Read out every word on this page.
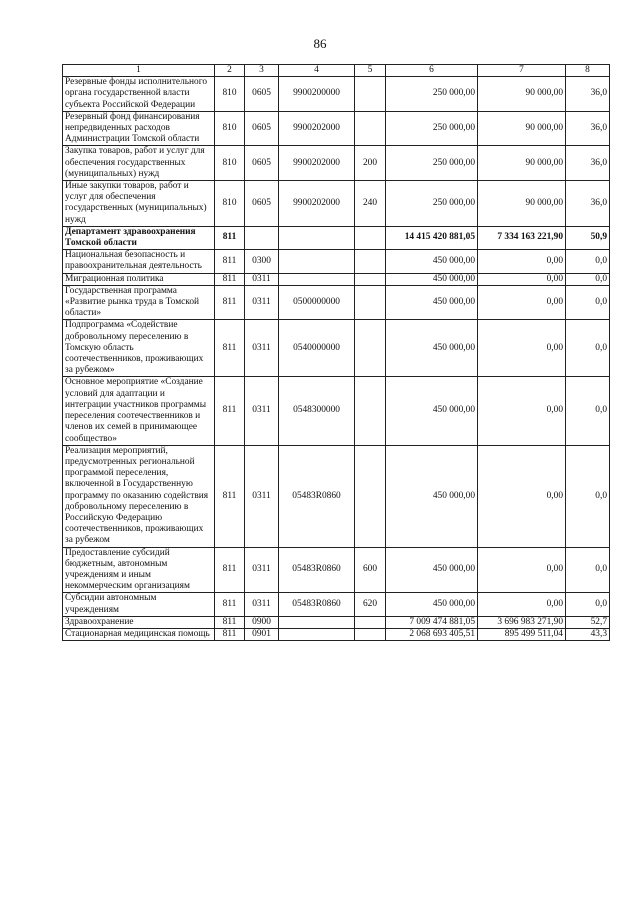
86
1	2	3	4	5	6	7	8
Резервные фонды исполнительного органа государственной власти субъекта Российской Федерации	810	0605	9900200000		250 000,00	90 000,00	36,0
Резервный фонд финансирования непредвиденных расходов Администрации Томской области	810	0605	9900202000		250 000,00	90 000,00	36,0
Закупка товаров, работ и услуг для обеспечения государственных (муниципальных) нужд	810	0605	9900202000	200	250 000,00	90 000,00	36,0
Иные закупки товаров, работ и услуг для обеспечения государственных (муниципальных) нужд	810	0605	9900202000	240	250 000,00	90 000,00	36,0
Департамент здравоохранения Томской области	811				14 415 420 881,05	7 334 163 221,90	50,9
Национальная безопасность и правоохранительная деятельность	811	0300			450 000,00	0,00	0,0
Миграционная политика	811	0311			450 000,00	0,00	0,0
Государственная программа «Развитие рынка труда в Томской области»	811	0311	0500000000		450 000,00	0,00	0,0
Подпрограмма «Содействие добровольному переселению в Томскую область соотечественников, проживающих за рубежом»	811	0311	0540000000		450 000,00	0,00	0,0
Основное мероприятие «Создание условий для адаптации и интеграции участников программы переселения соотечественников и членов их семей в принимающее сообщество»	811	0311	0548300000		450 000,00	0,00	0,0
Реализация мероприятий, предусмотренных региональной программой переселения, включенной в Государственную программу по оказанию содействия добровольному переселению в Российскую Федерацию соотечественников, проживающих за рубежом	811	0311	05483R0860		450 000,00	0,00	0,0
Предоставление субсидий бюджетным, автономным учреждениям и иным некоммерческим организациям	811	0311	05483R0860	600	450 000,00	0,00	0,0
Субсидии автономным учреждениям	811	0311	05483R0860	620	450 000,00	0,00	0,0
Здравоохранение	811	0900			7 009 474 881,05	3 696 983 271,90	52,7
Стационарная медицинская помощь	811	0901			2 068 693 405,51	895 499 511,04	43,3
